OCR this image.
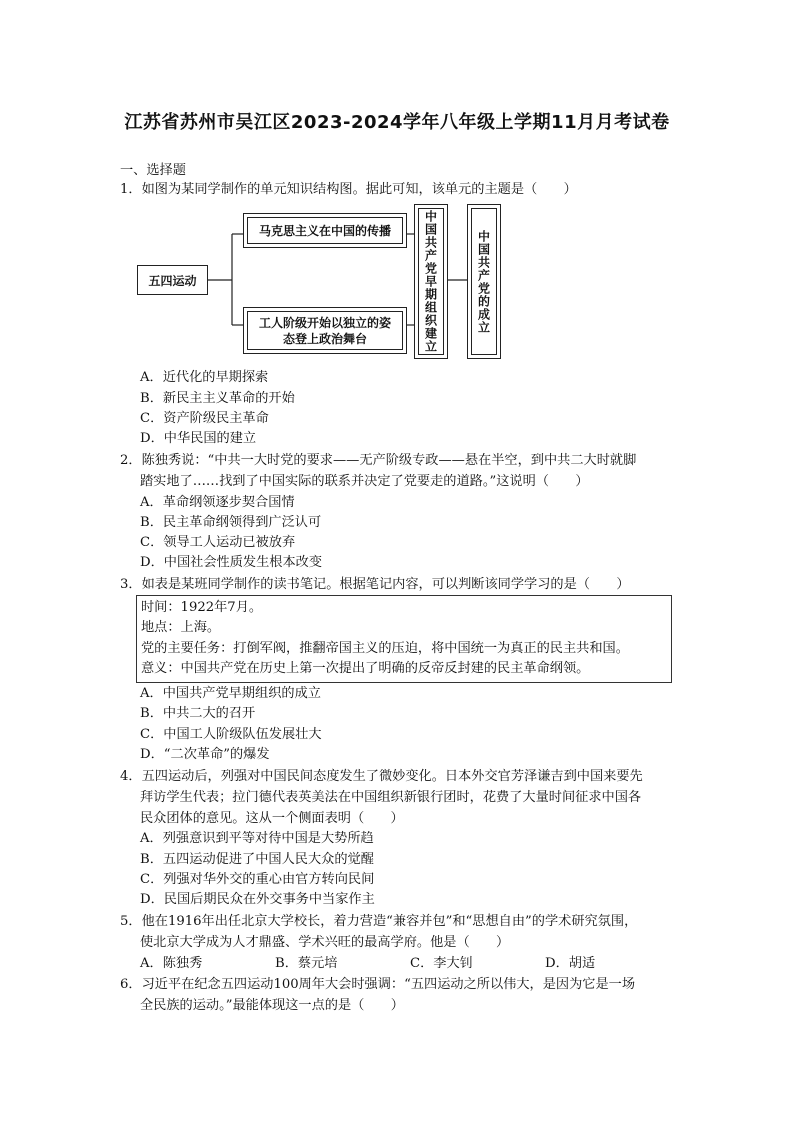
江苏省苏州市吴江区2023-2024学年八年级上学期11月月考试卷
一、选择题
1．如图为某同学制作的单元知识结构图。据此可知，该单元的主题是（　　）
五四运动
马克思主义在中国的传播
工人阶级开始以独立的姿
态登上政治舞台	中国共产党早期组织建立	中国共产党的成立
A．近代化的早期探索
B．新民主主义革命的开始
C．资产阶级民主革命
D．中华民国的建立
2．陈独秀说：“中共一大时党的要求——无产阶级专政——悬在半空，到中共二大时就脚
踏实地了……找到了中国实际的联系并决定了党要走的道路。”这说明（　　）
A．革命纲领逐步契合国情
B．民主革命纲领得到广泛认可
C．领导工人运动已被放弃
D．中国社会性质发生根本改变
3．如表是某班同学制作的读书笔记。根据笔记内容，可以判断该同学学习的是（　　）
时间：1922年7月。
地点：上海。
党的主要任务：打倒军阀，推翻帝国主义的压迫，将中国统一为真正的民主共和国。
意义：中国共产党在历史上第一次提出了明确的反帝反封建的民主革命纲领。
A．中国共产党早期组织的成立
B．中共二大的召开
C．中国工人阶级队伍发展壮大
D．“二次革命”的爆发
4．五四运动后，列强对中国民间态度发生了微妙变化。日本外交官芳泽谦吉到中国来要先
拜访学生代表；拉门德代表英美法在中国组织新银行团时，花费了大量时间征求中国各
民众团体的意见。这从一个侧面表明（　　）
A．列强意识到平等对待中国是大势所趋
B．五四运动促进了中国人民大众的觉醒
C．列强对华外交的重心由官方转向民间
D．民国后期民众在外交事务中当家作主
5．他在1916年出任北京大学校长，着力营造“兼容并包”和“思想自由”的学术研究氛围，
使北京大学成为人才鼎盛、学术兴旺的最高学府。他是（　　）
A．陈独秀	B．蔡元培	C．李大钊	D．胡适
6．习近平在纪念五四运动100周年大会时强调：“五四运动之所以伟大，是因为它是一场
全民族的运动。”最能体现这一点的是（　　）
